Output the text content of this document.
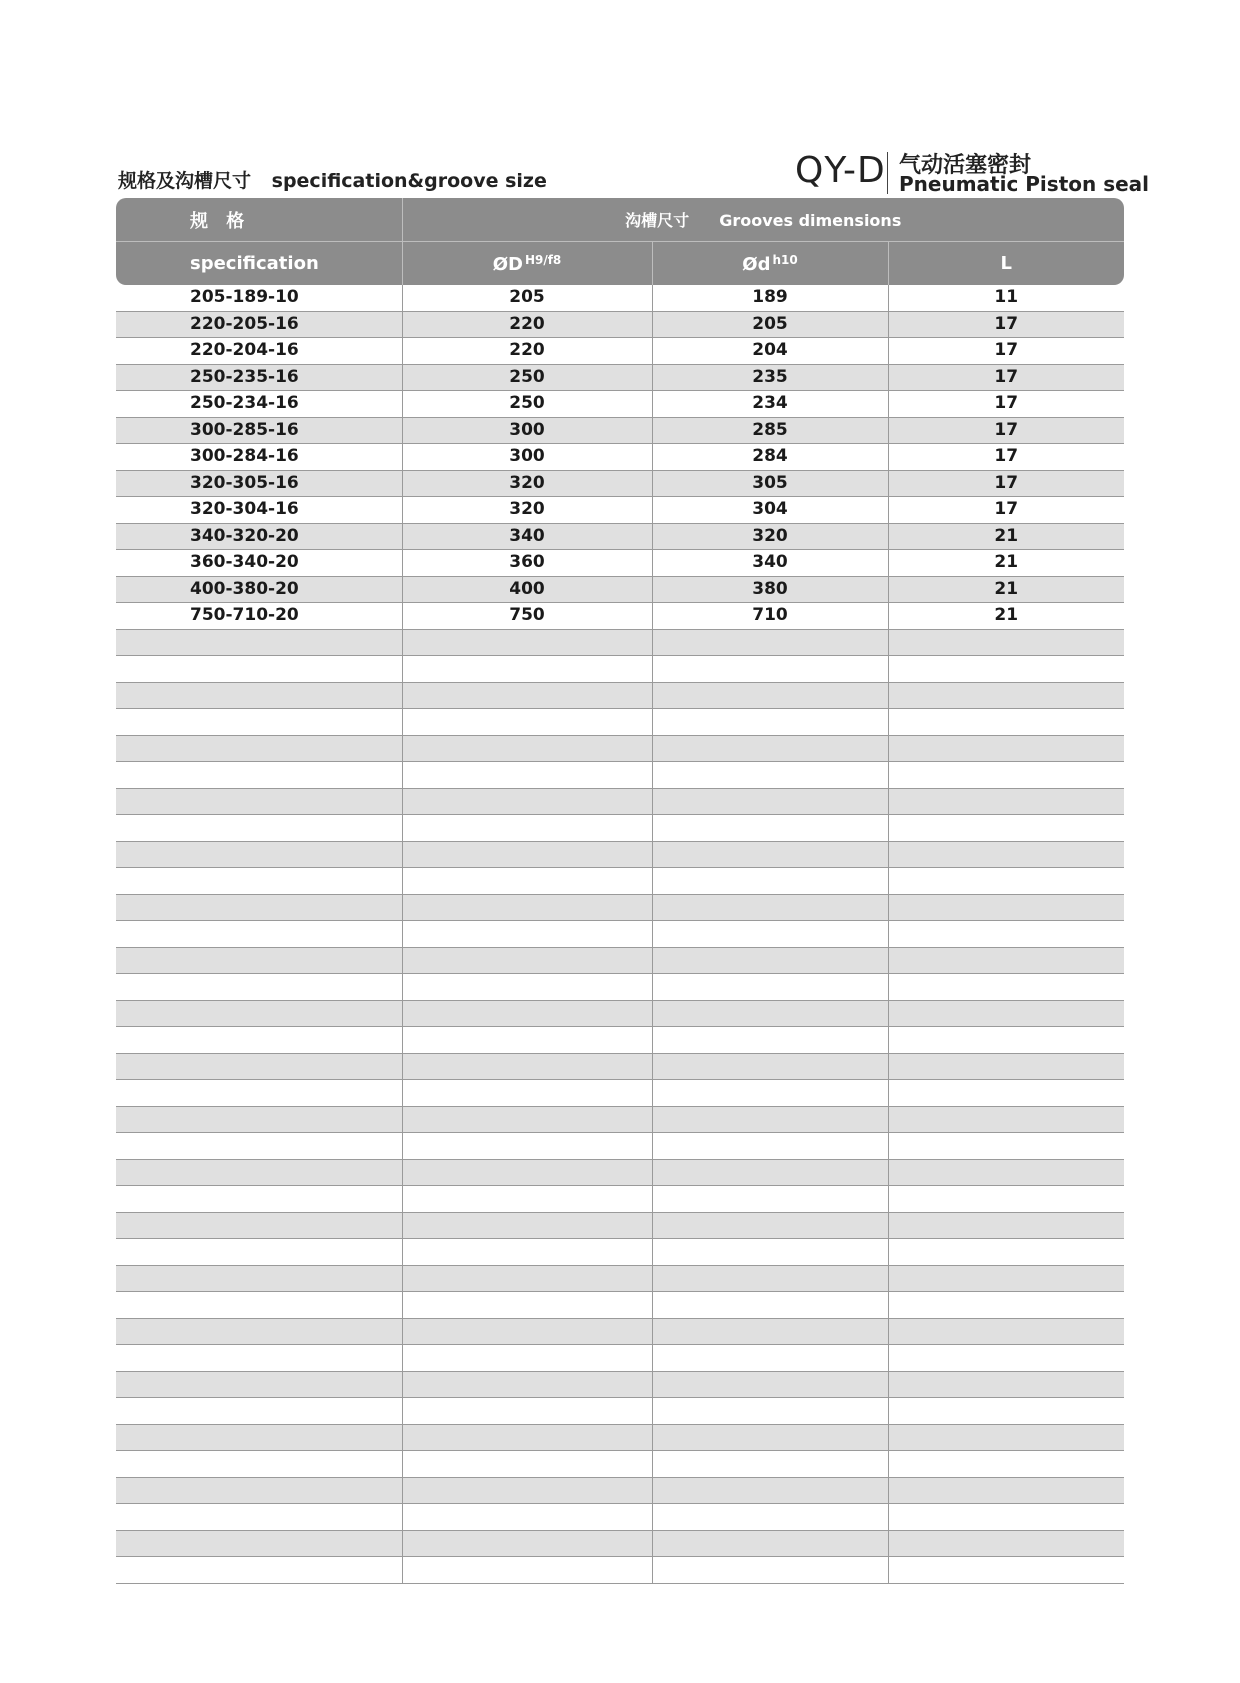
规格及沟槽尺寸 specification&groove size	QY-D 气动活塞密封
Pneumatic Piston seal
规 格	沟槽尺寸 Grooves dimensions		
specification	ØD $^{H9/f8}$	Ød $^{h10}$	L
205-189-10	205	189	11
220-205-16	220	205	17
220-204-16	220	204	17
250-235-16	250	235	17
250-234-16	250	234	17
300-285-16	300	285	17
300-284-16	300	284	17
320-305-16	320	305	17
320-304-16	320	304	17
340-320-20	340	320	21
360-340-20	360	340	21
400-380-20	400	380	21
750-710-20	750	710	21
